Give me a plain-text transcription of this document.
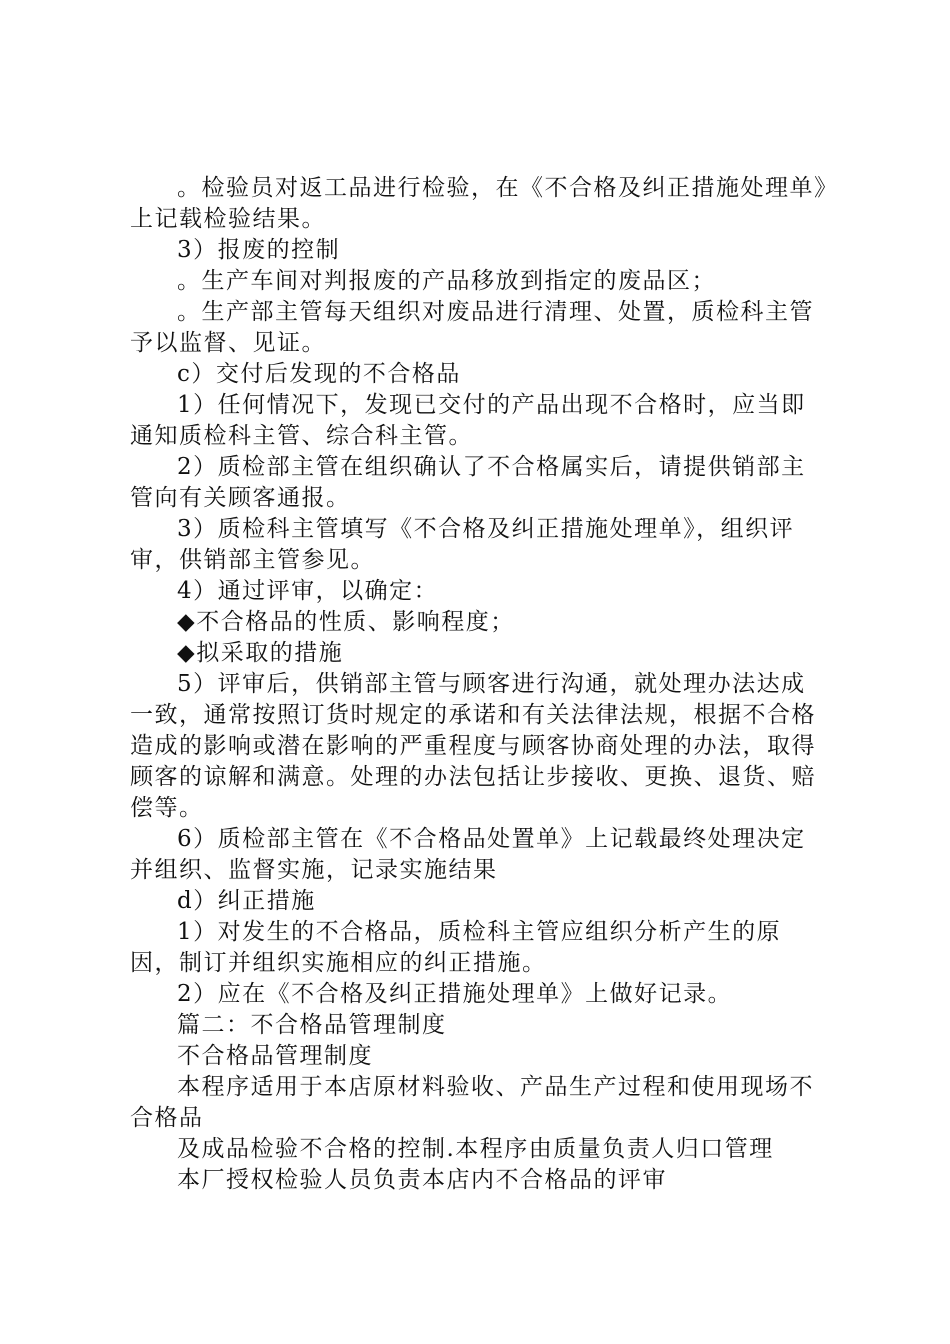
。检验员对返工品进行检验，在《不合格及纠正措施处理单》上记载检验结果。

3）报废的控制

。生产车间对判报废的产品移放到指定的废品区；

。生产部主管每天组织对废品进行清理、处置，质检科主管予以监督、见证。

c）交付后发现的不合格品

1）任何情况下，发现已交付的产品出现不合格时，应当即通知质检科主管、综合科主管。

2）质检部主管在组织确认了不合格属实后，请提供销部主管向有关顾客通报。

3）质检科主管填写《不合格及纠正措施处理单》，组织评审，供销部主管参见。

4）通过评审，以确定：

◆不合格品的性质、影响程度；

◆拟采取的措施

5）评审后，供销部主管与顾客进行沟通，就处理办法达成一致，通常按照订货时规定的承诺和有关法律法规，根据不合格造成的影响或潜在影响的严重程度与顾客协商处理的办法，取得顾客的谅解和满意。处理的办法包括让步接收、更换、退货、赔偿等。

6）质检部主管在《不合格品处置单》上记载最终处理决定并组织、监督实施，记录实施结果

d）纠正措施

1）对发生的不合格品，质检科主管应组织分析产生的原因，制订并组织实施相应的纠正措施。

2）应在《不合格及纠正措施处理单》上做好记录。

篇二：不合格品管理制度

不合格品管理制度

本程序适用于本店原材料验收、产品生产过程和使用现场不合格品

及成品检验不合格的控制.本程序由质量负责人归口管理

本厂授权检验人员负责本店内不合格品的评审
